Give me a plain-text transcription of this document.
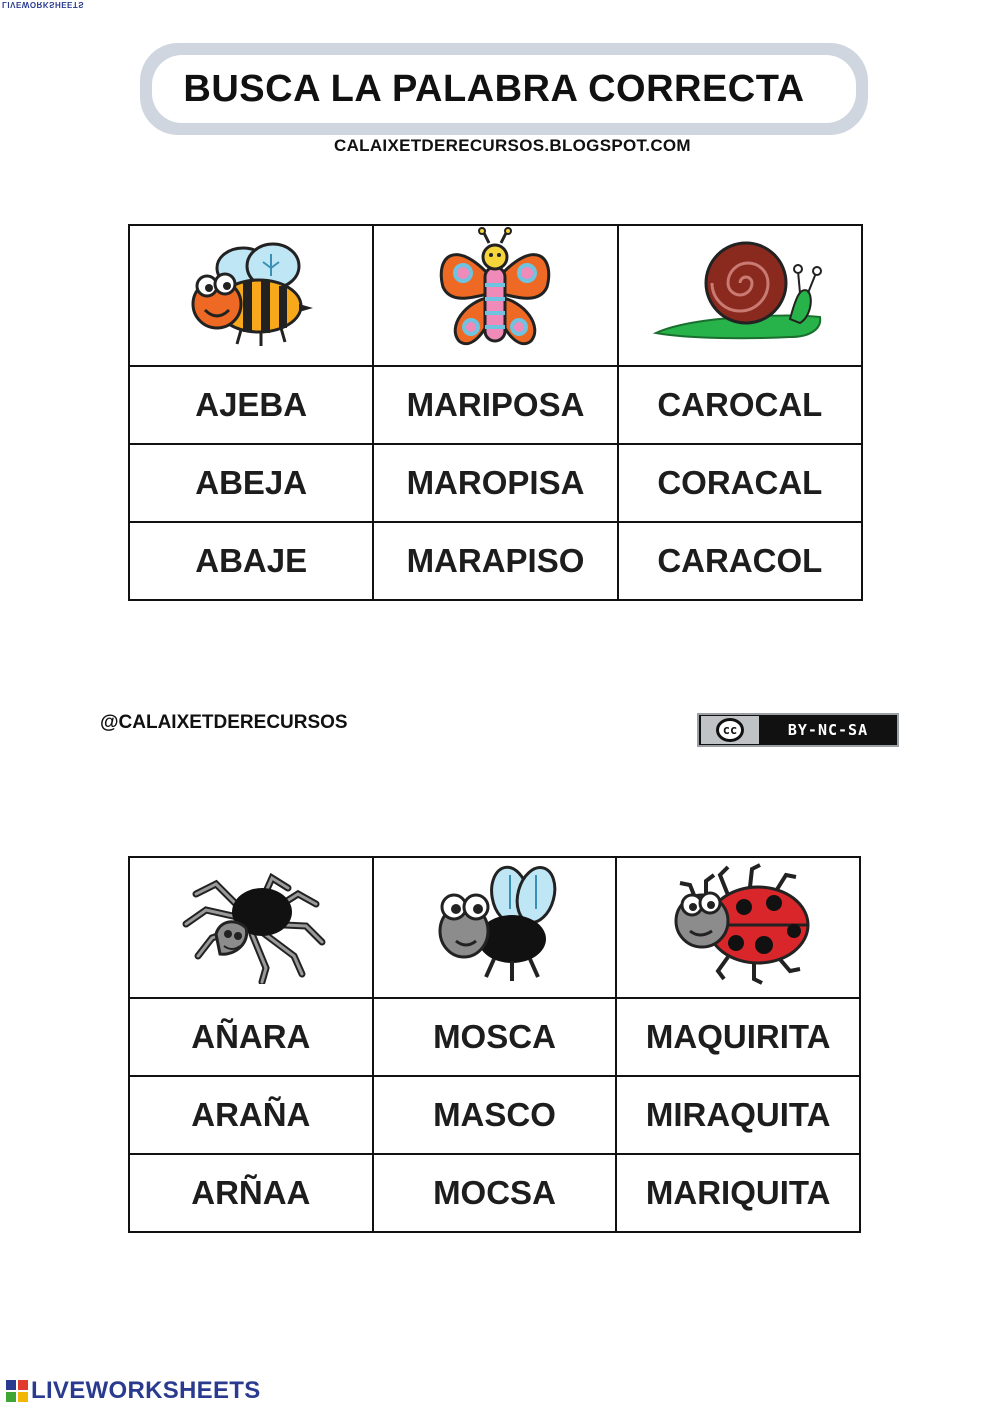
LIVEWORKSHEETS
BUSCA LA PALABRA CORRECTA
CALAIXETDERECURSOS.BLOGSPOT.COM

AJEBA	MARIPOSA	CAROCAL
ABEJA	MAROPISA	CORACAL
ABAJE	MARAPISO	CARACOL
@CALAIXETDERECURSOS	cc	BY-NC-SA

AÑARA	MOSCA	MAQUIRITA
ARAÑA	MASCO	MIRAQUITA
ARÑAA	MOCSA	MARIQUITA
LIVEWORKSHEETS
